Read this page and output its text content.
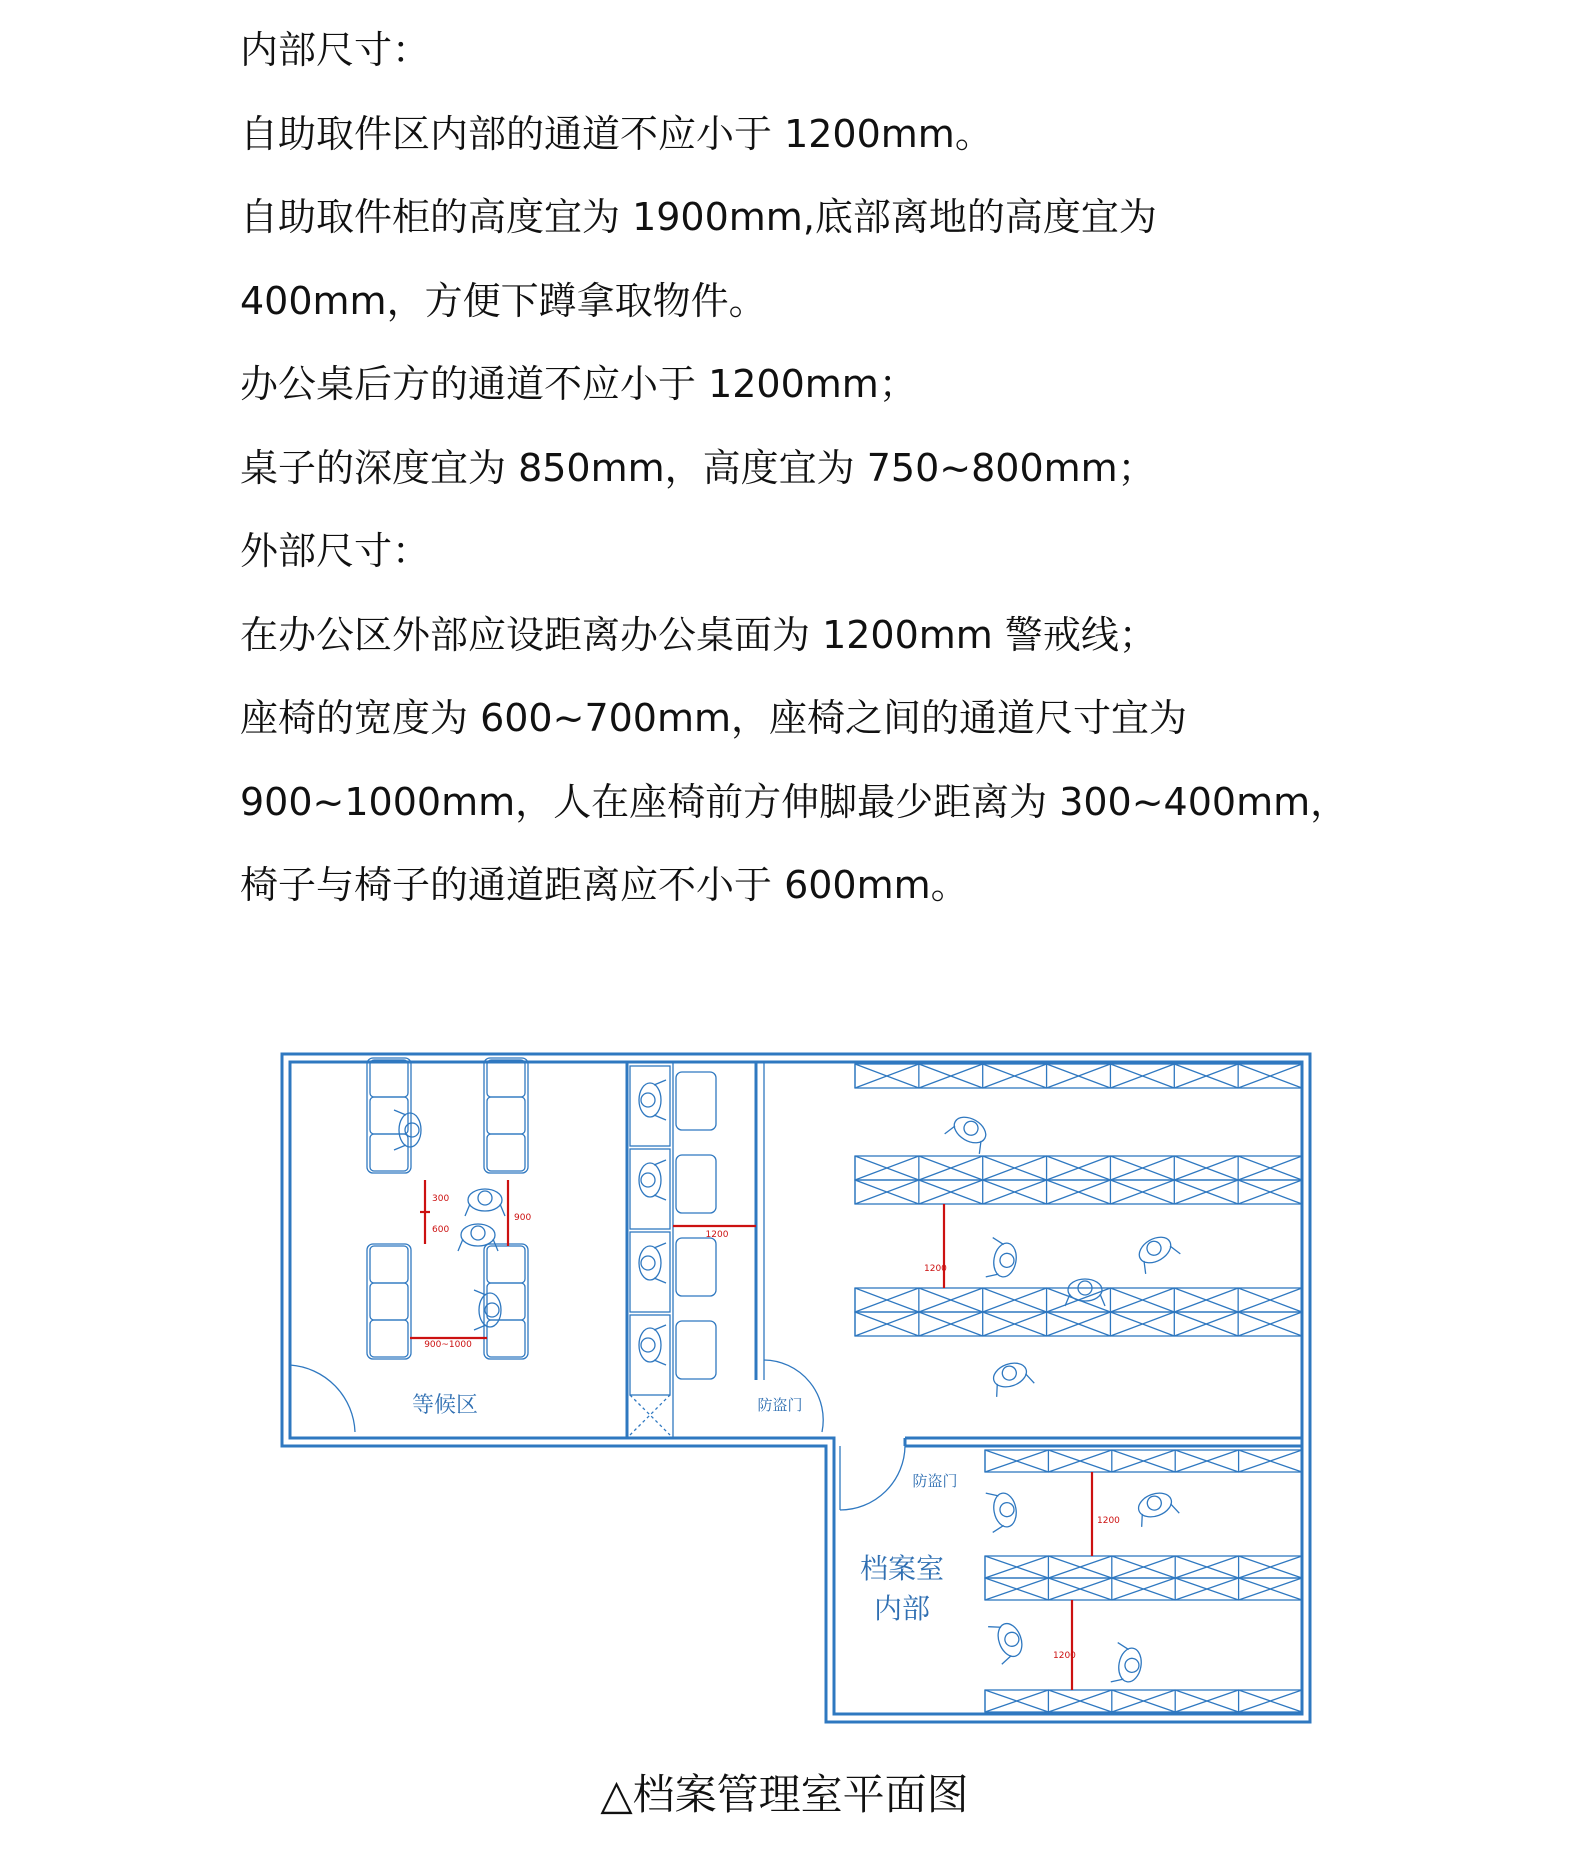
内部尺寸：
自助取件区内部的通道不应小于 1200mm。
自助取件柜的高度宜为 1900mm,底部离地的高度宜为
400mm，方便下蹲拿取物件。
办公桌后方的通道不应小于 1200mm；
桌子的深度宜为 850mm，高度宜为 750~800mm；
外部尺寸：
在办公区外部应设距离办公桌面为 1200mm 警戒线；
座椅的宽度为 600~700mm，座椅之间的通道尺寸宜为
900~1000mm，人在座椅前方伸脚最少距离为 300~400mm，
椅子与椅子的通道距离应不小于 600mm。
等候区	防盗门
防盗门
档案室
内部
300
600
900
900~1000
1200
1200
1200
1200
△档案管理室平面图
